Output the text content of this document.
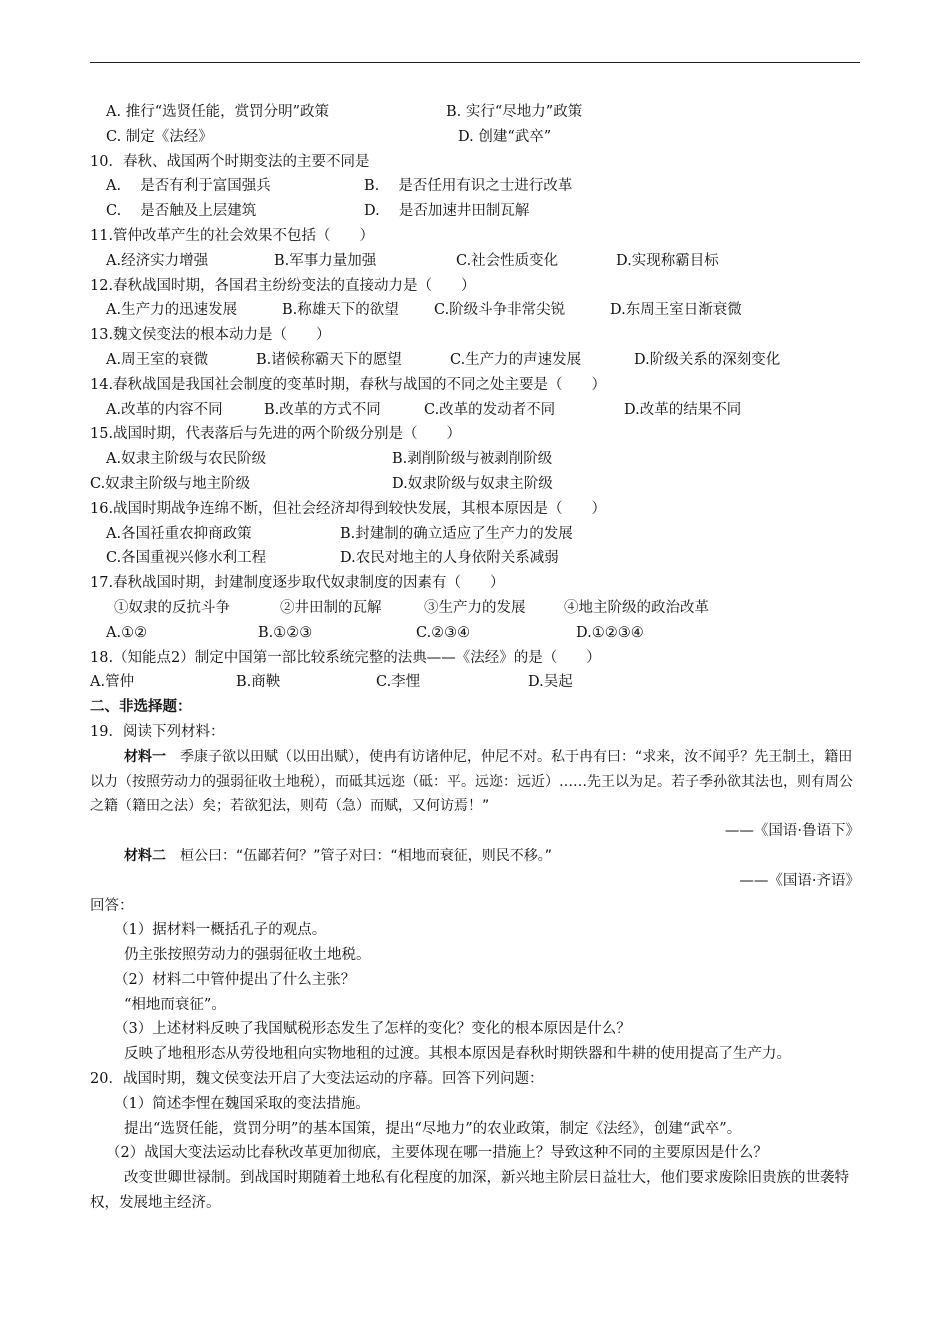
A. 推行“选贤任能，赏罚分明”政策	B. 实行“尽地力”政策
C. 制定《法经》	D. 创建“武卒”
10．春秋、战国两个时期变法的主要不同是
A.　 是否有利于富国强兵	B.　 是否任用有识之士进行改革
C.　 是否触及上层建筑	D.　 是否加速井田制瓦解
11.管仲改革产生的社会效果不包括（　　）
A.经济实力增强	B.军事力量加强	C.社会性质变化	D.实现称霸目标
12.春秋战国时期，各国君主纷纷变法的直接动力是（　　）
A.生产力的迅速发展	B.称雄天下的欲望 C.阶级斗争非常尖锐	D.东周王室日渐衰微
13.魏文侯变法的根本动力是（　　）
A.周王室的衰微	B.诸候称霸天下的愿望	C.生产力的声速发展	D.阶级关系的深刻变化
14.春秋战国是我国社会制度的变革时期，春秋与战国的不同之处主要是（　　）
A.改革的内容不同	B.改革的方式不同	C.改革的发动者不同	D.改革的结果不同
15.战国时期，代表落后与先进的两个阶级分别是（　　）
A.奴隶主阶级与农民阶级	B.剥削阶级与被剥削阶级
C.奴隶主阶级与地主阶级	D.奴隶阶级与奴隶主阶级
16.战国时期战争连绵不断，但社会经济却得到较快发展，其根本原因是（　　）
A.各国祍重农抑商政策	B.封建制的确立适应了生产力的发展
C.各国重视兴修水利工程	D.农民对地主的人身依附关系减弱
17.春秋战国时期，封建制度逐步取代奴隶制度的因素有（　　）
①奴隶的反抗斗争	②井田制的瓦解	③生产力的发展	④地主阶级的政治改革
A.①②	B.①②③	C.②③④	D.①②③④
18.（知能点2）制定中国第一部比较系统完整的法典——《法经》的是（　　）
A.管仲	B.商鞅	C.李悝	D.吴起
二、非选择题：
19．阅读下列材料：
材料一　 季康子欲以田赋（以田出赋），使冉有访诸仲尼，仲尼不对。私于冉有曰：“求来，汝不闻乎？先王制土，籍田以力（按照劳动力的强弱征收土地税），而砥其远迩（砥：平。远迩：远近）……先王以为足。若子季孙欲其法也，则有周公之籍（籍田之法）矣；若欲犯法，则苟（急）而赋，又何访焉！”
——《国语·鲁语下》
材料二　 桓公曰：“伍鄙若何？”管子对曰：“相地而衰征，则民不移。”
——《国语·齐语》
回答：
（1）据材料一概括孔子的观点。
仍主张按照劳动力的强弱征收土地税。
（2）材料二中管仲提出了什么主张？
“相地而衰征”。
（3）上述材料反映了我国赋税形态发生了怎样的变化？变化的根本原因是什么？
反映了地租形态从劳役地租向实物地租的过渡。其根本原因是春秋时期铁器和牛耕的使用提高了生产力。
20．战国时期，魏文侯变法开启了大变法运动的序幕。回答下列问题：
（1）简述李悝在魏国采取的变法措施。
提出“选贤任能，赏罚分明”的基本国策，提出“尽地力”的农业政策，制定《法经》，创建“武卒”。
（2）战国大变法运动比春秋改革更加彻底，主要体现在哪一措施上？导致这种不同的主要原因是什么？
改变世卿世禄制。到战国时期随着土地私有化程度的加深，新兴地主阶层日益壮大，他们要求废除旧贵族的世袭特权，发展地主经济。
